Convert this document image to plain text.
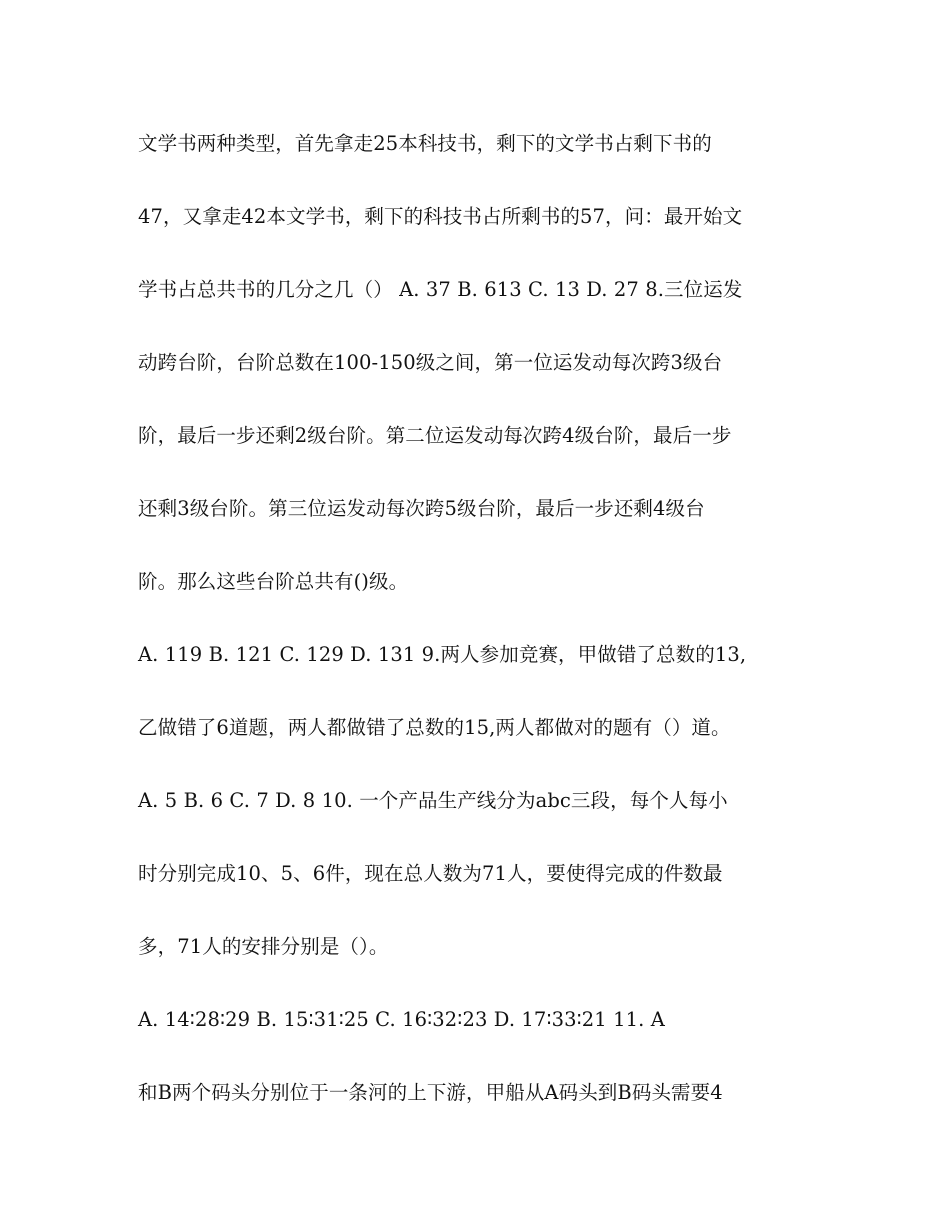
文学书两种类型，首先拿走25本科技书，剩下的文学书占剩下书的
47，又拿走42本文学书，剩下的科技书占所剩书的57，问：最开始文
学书占总共书的几分之几（） A. 37 B. 613 C. 13 D. 27 8.三位运发
动跨台阶，台阶总数在100-150级之间，第一位运发动每次跨3级台
阶，最后一步还剩2级台阶。第二位运发动每次跨4级台阶，最后一步
还剩3级台阶。第三位运发动每次跨5级台阶，最后一步还剩4级台
阶。那么这些台阶总共有()级。
A. 119 B. 121 C. 129 D. 131 9.两人参加竞赛，甲做错了总数的13,
乙做错了6道题，两人都做错了总数的15,两人都做对的题有（）道。
A. 5 B. 6 C. 7 D. 8 10. 一个产品生产线分为abc三段，每个人每小
时分别完成10、5、6件，现在总人数为71人，要使得完成的件数最
多，71人的安排分别是（）。
A. 14∶28∶29 B. 15∶31∶25 C. 16∶32∶23 D. 17∶33∶21 11. A
和B两个码头分别位于一条河的上下游，甲船从A码头到B码头需要4
